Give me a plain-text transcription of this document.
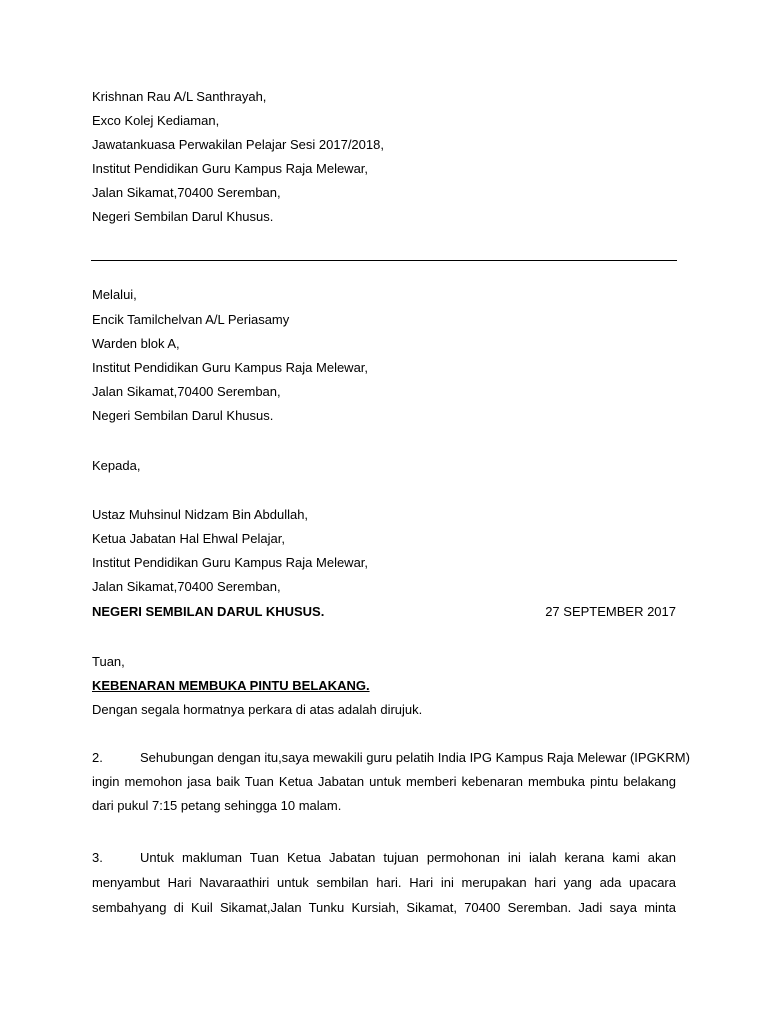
Krishnan Rau A/L Santhrayah,
Exco Kolej Kediaman,
Jawatankuasa Perwakilan Pelajar Sesi 2017/2018,
Institut Pendidikan Guru Kampus Raja Melewar,
Jalan Sikamat,70400 Seremban,
Negeri Sembilan Darul Khusus.
Melalui,
Encik Tamilchelvan A/L Periasamy
Warden blok A,
Institut Pendidikan Guru Kampus Raja Melewar,
Jalan Sikamat,70400 Seremban,
Negeri Sembilan Darul Khusus.
Kepada,
Ustaz Muhsinul Nidzam Bin Abdullah,
Ketua Jabatan Hal Ehwal Pelajar,
Institut Pendidikan Guru Kampus Raja Melewar,
Jalan Sikamat,70400 Seremban,
NEGERI SEMBILAN DARUL KHUSUS.	27 SEPTEMBER 2017
Tuan,
KEBENARAN MEMBUKA PINTU BELAKANG.
Dengan segala hormatnya perkara di atas adalah dirujuk.
2.	Sehubungan dengan itu,saya mewakili guru pelatih India IPG Kampus Raja Melewar (IPGKRM)
ingin memohon jasa baik Tuan Ketua Jabatan untuk memberi kebenaran membuka pintu belakang
dari pukul 7:15 petang sehingga 10 malam.
3.	Untuk makluman Tuan Ketua Jabatan tujuan permohonan ini ialah kerana kami akan
menyambut Hari Navaraathiri untuk sembilan hari. Hari ini merupakan hari yang ada upacara
sembahyang di Kuil Sikamat,Jalan Tunku Kursiah, Sikamat, 70400 Seremban. Jadi saya minta
